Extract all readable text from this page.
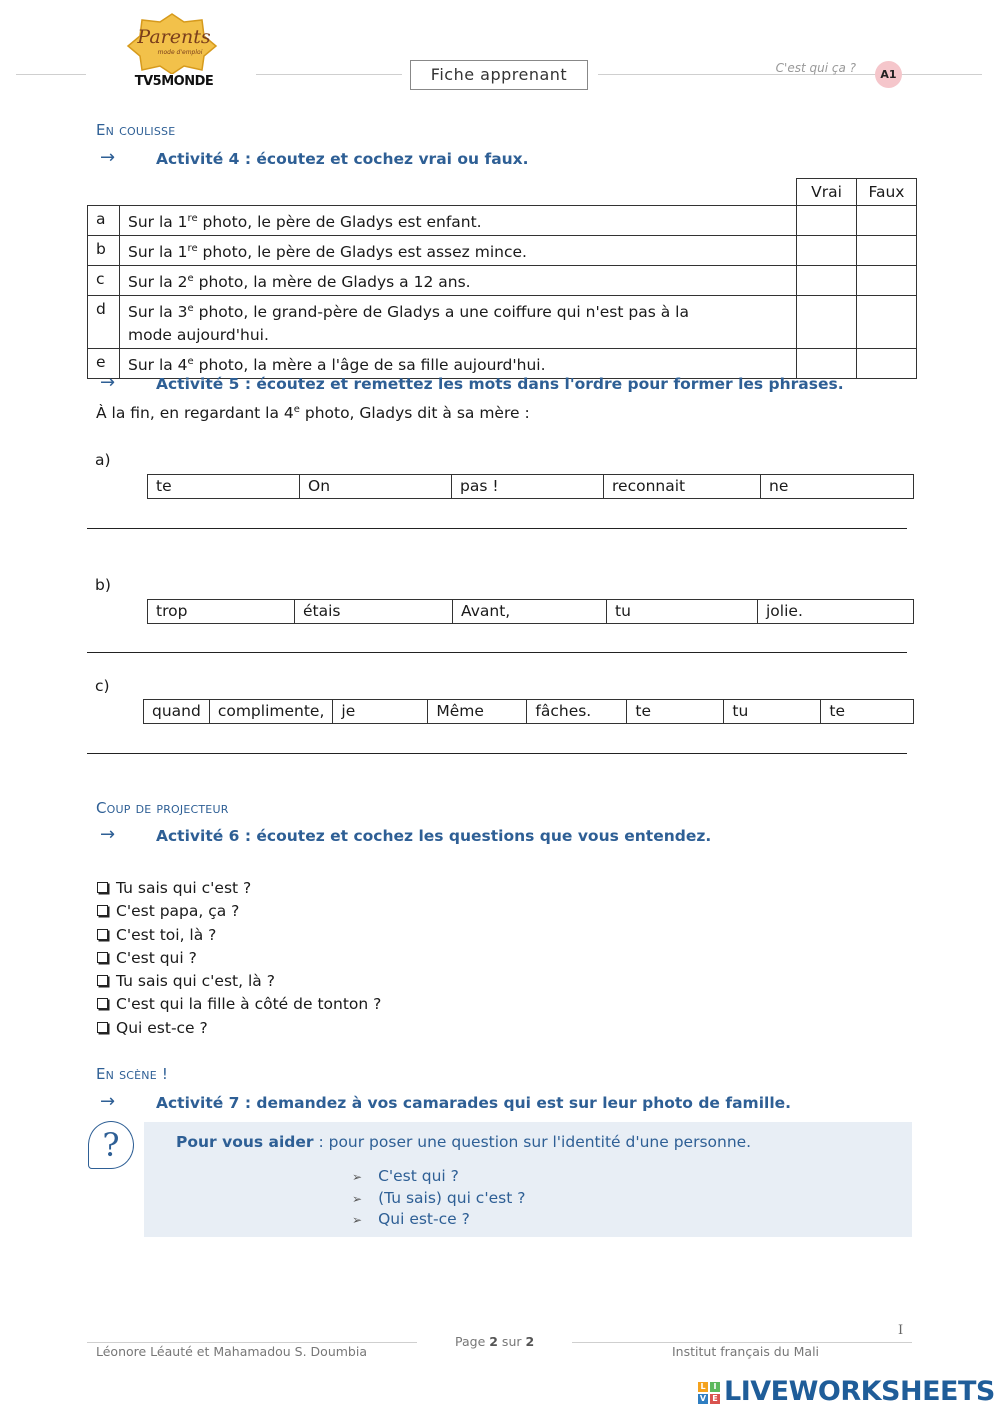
Parents
mode d'emploi
TV5MONDE	Fiche apprenant	C'est qui ça ?	A1
En coulisse
→	Activité 4 : écoutez et cochez vrai ou faux.
		Vrai	Faux
a	Sur la 1re photo, le père de Gladys est enfant.		
b	Sur la 1re photo, le père de Gladys est assez mince.		
c	Sur la 2e photo, la mère de Gladys a 12 ans.		
d	Sur la 3e photo, le grand-père de Gladys a une coiffure qui n'est pas à la mode aujourd'hui.		
e	Sur la 4e photo, la mère a l'âge de sa fille aujourd'hui.		
→	Activité 5 : écoutez et remettez les mots dans l'ordre pour former les phrases.
À la fin, en regardant la 4e photo, Gladys dit à sa mère :
a)
te	On	pas !	reconnait	ne
b)
trop	étais	Avant,	tu	jolie.
c)
quand	complimente,	je	Même	fâches.	te	tu	te
Coup de projecteur
→	Activité 6 : écoutez et cochez les questions que vous entendez.
Tu sais qui c'est ?
C'est papa, ça ?
C'est toi, là ?
C'est qui ?
Tu sais qui c'est, là ?
C'est qui la fille à côté de tonton ?
Qui est-ce ?
En scène !
→	Activité 7 : demandez à vos camarades qui est sur leur photo de famille.
?	Pour vous aider : pour poser une question sur l'identité d'une personne.
➢ C'est qui ?
➢ (Tu sais) qui c'est ?
➢ Qui est-ce ?
I
Léonore Léauté et Mahamadou S. Doumbia
Page 2 sur 2
Institut français du Mali
L I
V E LIVEWORKSHEETS
